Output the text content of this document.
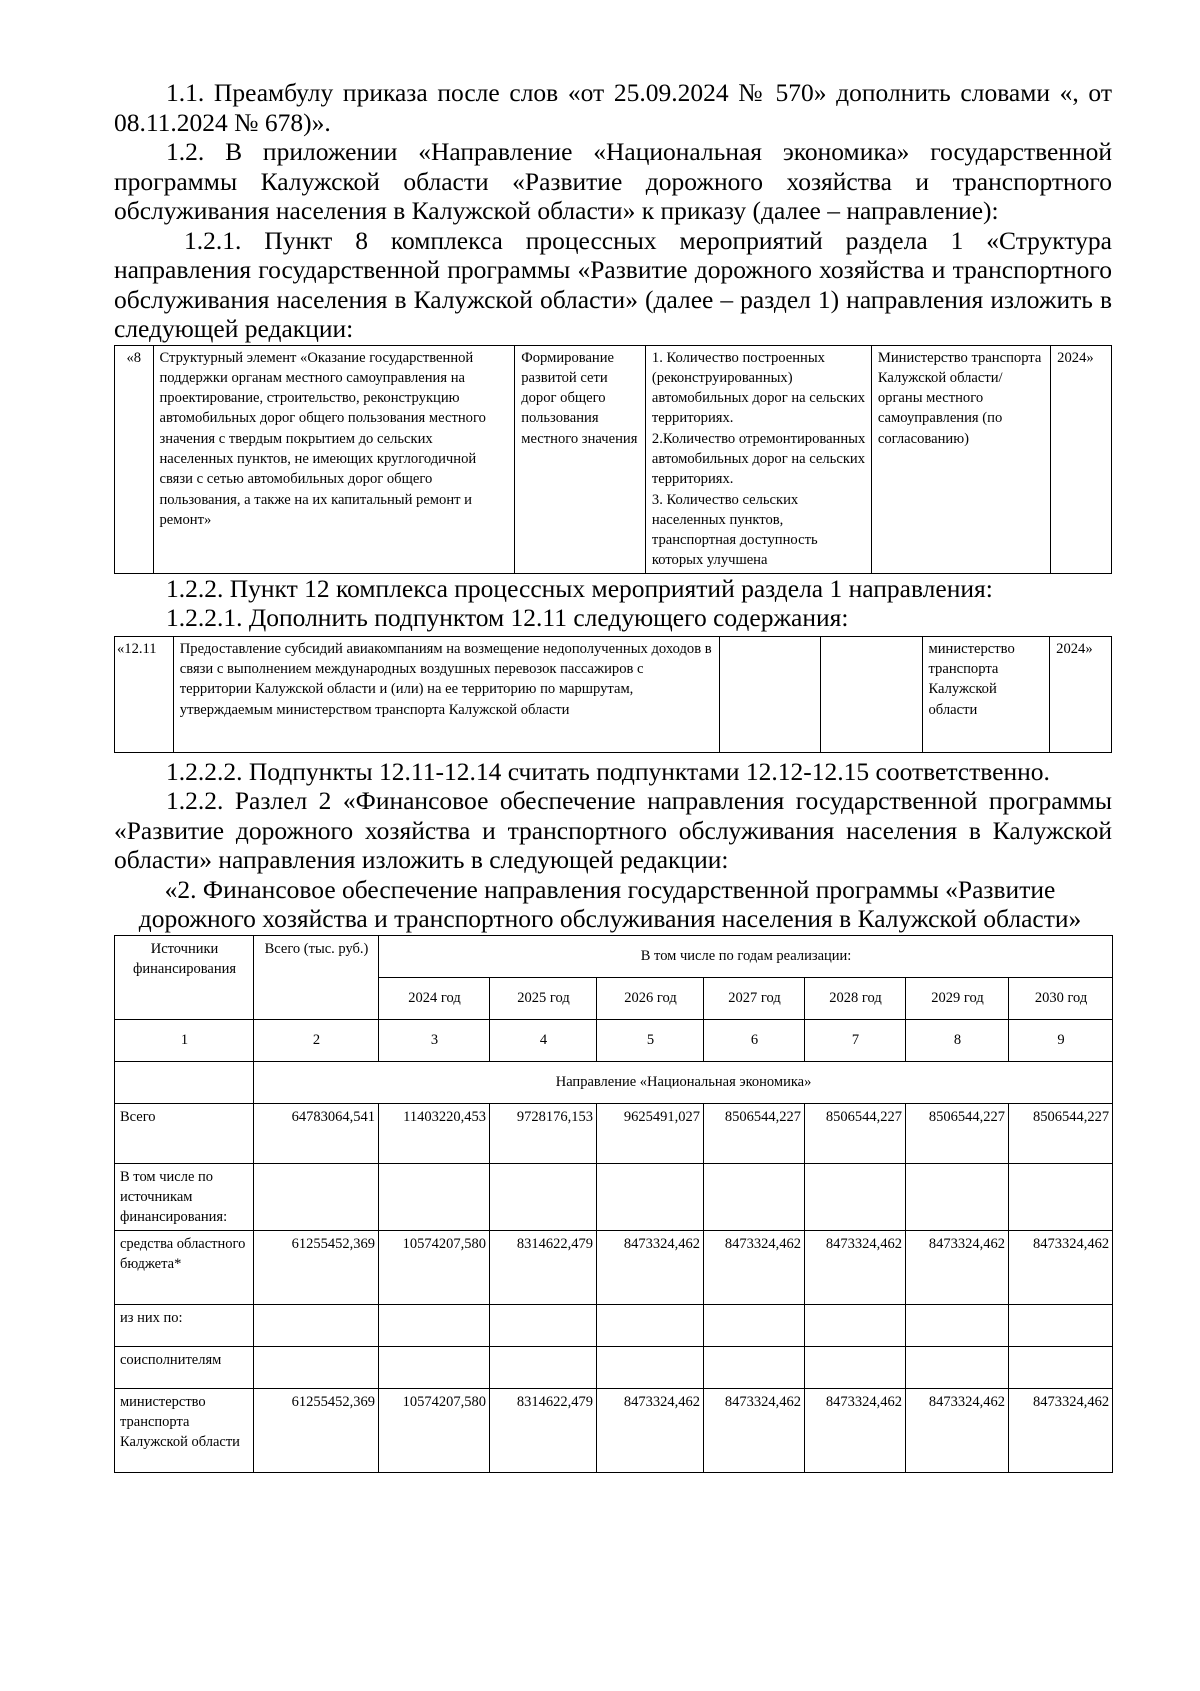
1.1. Преамбулу приказа после слов «от 25.09.2024 № 570» дополнить словами «, от 08.11.2024 № 678)».

1.2. В приложении «Направление «Национальная экономика» государственной программы Калужской области «Развитие дорожного хозяйства и транспортного обслуживания населения в Калужской области» к приказу (далее – направление):

1.2.1. Пункт 8 комплекса процессных мероприятий раздела 1 «Структура направления государственной программы «Развитие дорожного хозяйства и транспортного обслуживания населения в Калужской области» (далее – раздел 1) направления изложить в следующей редакции:

«8	Структурный элемент «Оказание государственной поддержки органам местного самоуправления на проектирование, строительство, реконструкцию автомобильных дорог общего пользования местного значения с твердым покрытием до сельских населенных пунктов, не имеющих круглогодичной связи с сетью автомобильных дорог общего пользования, а также на их капитальный ремонт и ремонт»	Формирование развитой сети дорог общего пользования местного значения	
1. Количество построенных (реконструированных) автомобильных дорог на сельских территориях.
2.Количество отремонтированных автомобильных дорог на сельских территориях.
3. Количество сельских населенных пунктов, транспортная доступность которых улучшена
	Министерство транспорта Калужской области/органы местного самоуправления (по согласованию)	2024»

1.2.2. Пункт 12 комплекса процессных мероприятий раздела 1 направления:

1.2.2.1. Дополнить подпунктом 12.11 следующего содержания:

«12.11	Предоставление субсидий авиакомпаниям на возмещение недополученных доходов в связи с выполнением международных воздушных перевозок пассажиров с территории Калужской области и (или) на ее территорию по маршрутам, утверждаемым министерством транспорта Калужской области			министерство транспорта Калужской области	2024»

1.2.2.2. Подпункты 12.11-12.14 считать подпунктами 12.12-12.15 соответственно.

1.2.2. Разлел 2 «Финансовое обеспечение направления государственной программы «Развитие дорожного хозяйства и транспортного обслуживания населения в Калужской области» направления изложить в следующей редакции:

«2. Финансовое обеспечение направления государственной программы «Развитие дорожного хозяйства и транспортного обслуживания населения в Калужской области»

Источники финансирования	Всего (тыс. руб.)	В том числе по годам реализации:						
		2024 год	2025 год	2026 год	2027 год	2028 год	2029 год	2030 год
1	2	3	4	5	6	7	8	9
	Направление «Национальная экономика»							
Всего	64783064,541	11403220,453	9728176,153	9625491,027	8506544,227	8506544,227	8506544,227	8506544,227
В том числе по источникам финансирования:								
средства областного бюджета*	61255452,369	10574207,580	8314622,479	8473324,462	8473324,462	8473324,462	8473324,462	8473324,462
из них по:								
соисполнителям								
министерство транспорта Калужской области	61255452,369	10574207,580	8314622,479	8473324,462	8473324,462	8473324,462	8473324,462	8473324,462
